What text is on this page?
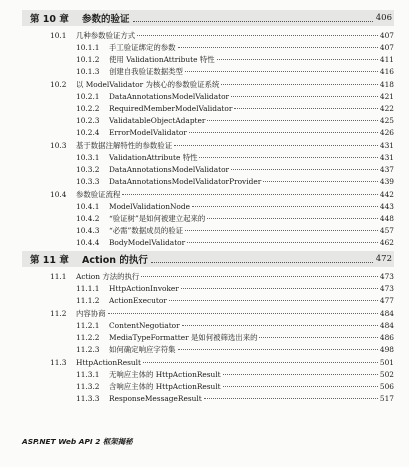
第 10 章	参数的验证	406
10.1	几种参数验证方式	407
10.1.1	手工验证绑定的参数	407
10.1.2	使用 ValidationAttribute 特性	411
10.1.3	创建自我验证数据类型	416
10.2	以 ModelValidator 为核心的参数验证系统	418
10.2.1	DataAnnotationsModelValidator	421
10.2.2	RequiredMemberModelValidator	422
10.2.3	ValidatableObjectAdapter	425
10.2.4	ErrorModelValidator	426
10.3	基于数据注解特性的参数验证	431
10.3.1	ValidationAttribute 特性	431
10.3.2	DataAnnotationsModelValidator	437
10.3.3	DataAnnotationsModelValidatorProvider	439
10.4	参数验证流程	442
10.4.1	ModelValidationNode	443
10.4.2	“验证树”是如何被建立起来的	448
10.4.3	“必需”数据成员的验证	457
10.4.4	BodyModelValidator	462
第 11 章	Action 的执行	472
11.1	Action 方法的执行	473
11.1.1	HttpActionInvoker	473
11.1.2	ActionExecutor	477
11.2	内容协商	484
11.2.1	ContentNegotiator	484
11.2.2	MediaTypeFormatter 是如何被筛选出来的	486
11.2.3	如何确定响应字符集	498
11.3	HttpActionResult	501
11.3.1	无响应主体的 HttpActionResult	502
11.3.2	含响应主体的 HttpActionResult	506
11.3.3	ResponseMessageResult	517
ASP.NET Web API 2 框架揭秘
